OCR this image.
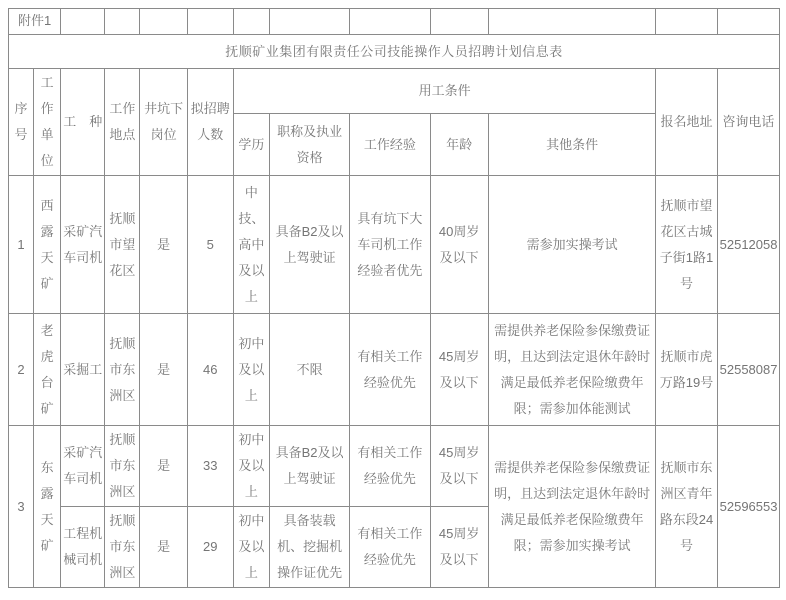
附件1												
抚顺矿业集团有限责任公司技能操作人员招聘计划信息表												
序号	工作单位	工　种	工作地点	井坑下岗位	拟招聘人数	用工条件					报名地址	咨询电话
						学历	职称及执业资格	工作经验	年龄	其他条件		
1	西露天矿	采矿汽车司机	抚顺市望花区	是	5	中技、高中及以上	具备B2及以上驾驶证	具有坑下大车司机工作经验者优先	40周岁及以下	需参加实操考试	抚顺市望花区古城子街1路1号	52512058
2	老虎台矿	采掘工	抚顺市东洲区	是	46	初中及以上	不限	有相关工作经验优先	45周岁及以下	需提供养老保险参保缴费证明，且达到法定退休年龄时满足最低养老保险缴费年限；需参加体能测试	抚顺市虎万路19号	52558087
3	东露天矿	采矿汽车司机	抚顺市东洲区	是	33	初中及以上	具备B2及以上驾驶证	有相关工作经验优先	45周岁及以下	需提供养老保险参保缴费证明，且达到法定退休年龄时满足最低养老保险缴费年限；需参加实操考试	抚顺市东洲区青年路东段24号	52596553
		工程机械司机	抚顺市东洲区	是	29	初中及以上	具备装载机、挖掘机操作证优先	有相关工作经验优先	45周岁及以下			
